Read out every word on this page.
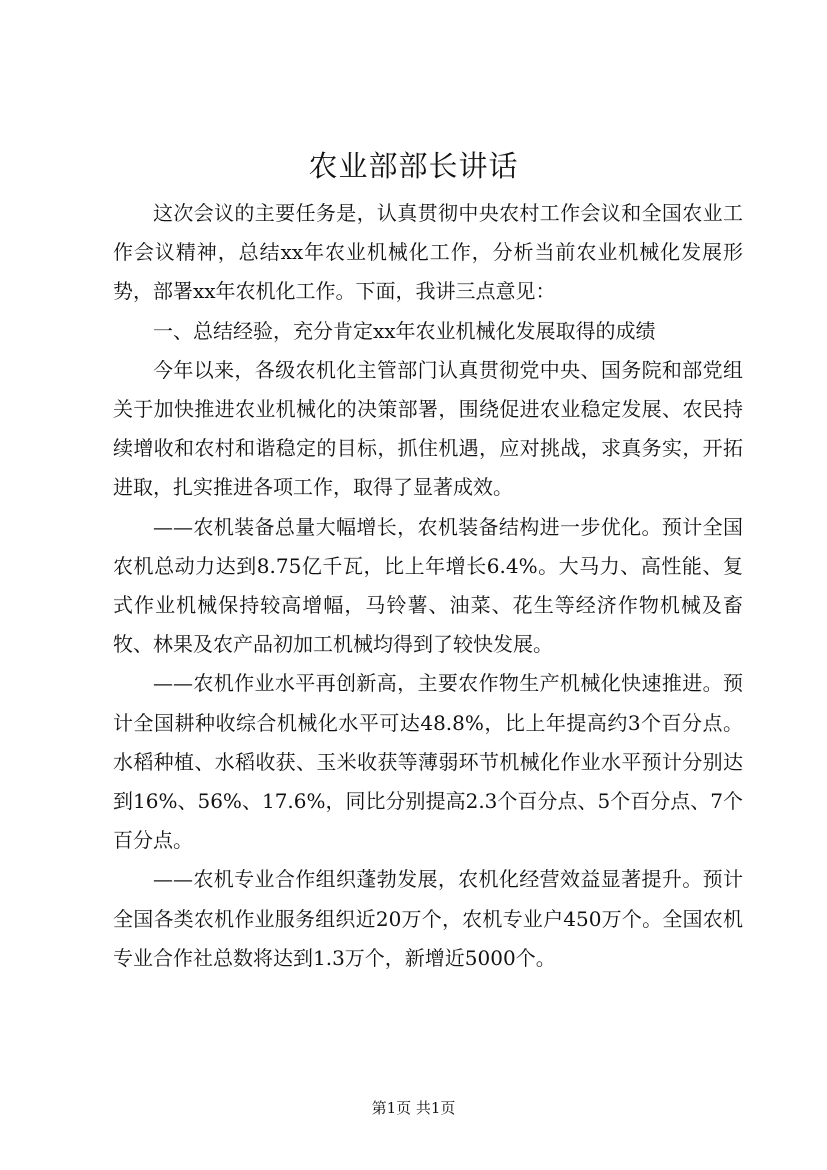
农业部部长讲话

这次会议的主要任务是，认真贯彻中央农村工作会议和全国农业工作会议精神，总结xx年农业机械化工作，分析当前农业机械化发展形势，部署xx年农机化工作。下面，我讲三点意见：

一、总结经验，充分肯定xx年农业机械化发展取得的成绩

今年以来，各级农机化主管部门认真贯彻党中央、国务院和部党组关于加快推进农业机械化的决策部署，围绕促进农业稳定发展、农民持续增收和农村和谐稳定的目标，抓住机遇，应对挑战，求真务实，开拓进取，扎实推进各项工作，取得了显著成效。

——农机装备总量大幅增长，农机装备结构进一步优化。预计全国农机总动力达到8.75亿千瓦，比上年增长6.4%。大马力、高性能、复式作业机械保持较高增幅，马铃薯、油菜、花生等经济作物机械及畜牧、林果及农产品初加工机械均得到了较快发展。

——农机作业水平再创新高，主要农作物生产机械化快速推进。预计全国耕种收综合机械化水平可达48.8%，比上年提高约3个百分点。水稻种植、水稻收获、玉米收获等薄弱环节机械化作业水平预计分别达到16%、56%、17.6%，同比分别提高2.3个百分点、5个百分点、7个百分点。

——农机专业合作组织蓬勃发展，农机化经营效益显著提升。预计全国各类农机作业服务组织近20万个，农机专业户450万个。全国农机专业合作社总数将达到1.3万个，新增近5000个。

第1页 共1页
